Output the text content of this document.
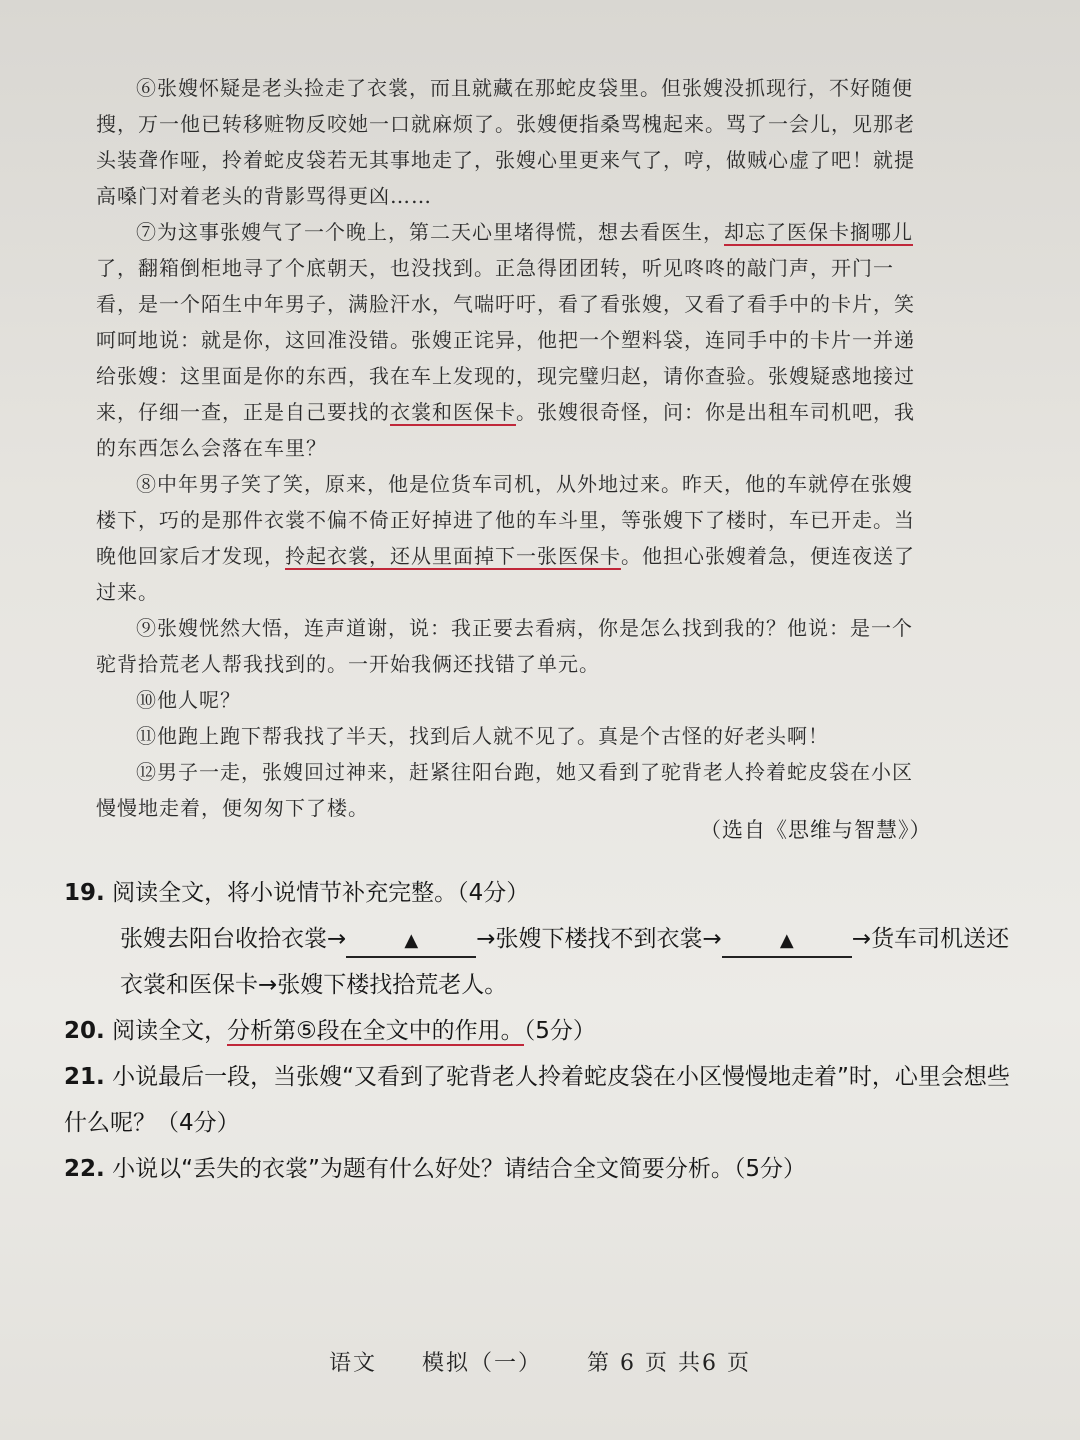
⑥张嫂怀疑是老头捡走了衣裳，而且就藏在那蛇皮袋里。但张嫂没抓现行，不好随便搜，万一他已转移赃物反咬她一口就麻烦了。张嫂便指桑骂槐起来。骂了一会儿，见那老头装聋作哑，拎着蛇皮袋若无其事地走了，张嫂心里更来气了，哼，做贼心虚了吧！就提高嗓门对着老头的背影骂得更凶……

⑦为这事张嫂气了一个晚上，第二天心里堵得慌，想去看医生，却忘了医保卡搁哪儿了，翻箱倒柜地寻了个底朝天，也没找到。正急得团团转，听见咚咚的敲门声，开门一看，是一个陌生中年男子，满脸汗水，气喘吁吁，看了看张嫂，又看了看手中的卡片，笑呵呵地说：就是你，这回准没错。张嫂正诧异，他把一个塑料袋，连同手中的卡片一并递给张嫂：这里面是你的东西，我在车上发现的，现完璧归赵，请你查验。张嫂疑惑地接过来，仔细一查，正是自己要找的衣裳和医保卡。张嫂很奇怪，问：你是出租车司机吧，我的东西怎么会落在车里？

⑧中年男子笑了笑，原来，他是位货车司机，从外地过来。昨天，他的车就停在张嫂楼下，巧的是那件衣裳不偏不倚正好掉进了他的车斗里，等张嫂下了楼时，车已开走。当晚他回家后才发现，拎起衣裳，还从里面掉下一张医保卡。他担心张嫂着急，便连夜送了过来。

⑨张嫂恍然大悟，连声道谢，说：我正要去看病，你是怎么找到我的？他说：是一个驼背拾荒老人帮我找到的。一开始我俩还找错了单元。

⑩他人呢？

⑪他跑上跑下帮我找了半天，找到后人就不见了。真是个古怪的好老头啊！

⑫男子一走，张嫂回过神来，赶紧往阳台跑，她又看到了驼背老人拎着蛇皮袋在小区慢慢地走着，便匆匆下了楼。

（选自《思维与智慧》）

19. 阅读全文，将小说情节补充完整。（4分）

张嫂去阳台收拾衣裳→	▲	→张嫂下楼找不到衣裳→	▲	→货车司机送还衣裳和医保卡→张嫂下楼找拾荒老人。

20. 阅读全文，分析第⑤段在全文中的作用。（5分）

21. 小说最后一段，当张嫂“又看到了驼背老人拎着蛇皮袋在小区慢慢地走着”时，心里会想些什么呢？（4分）

22. 小说以“丢失的衣裳”为题有什么好处？请结合全文简要分析。（5分）

语文 模拟（一） 第 6 页 共6 页
